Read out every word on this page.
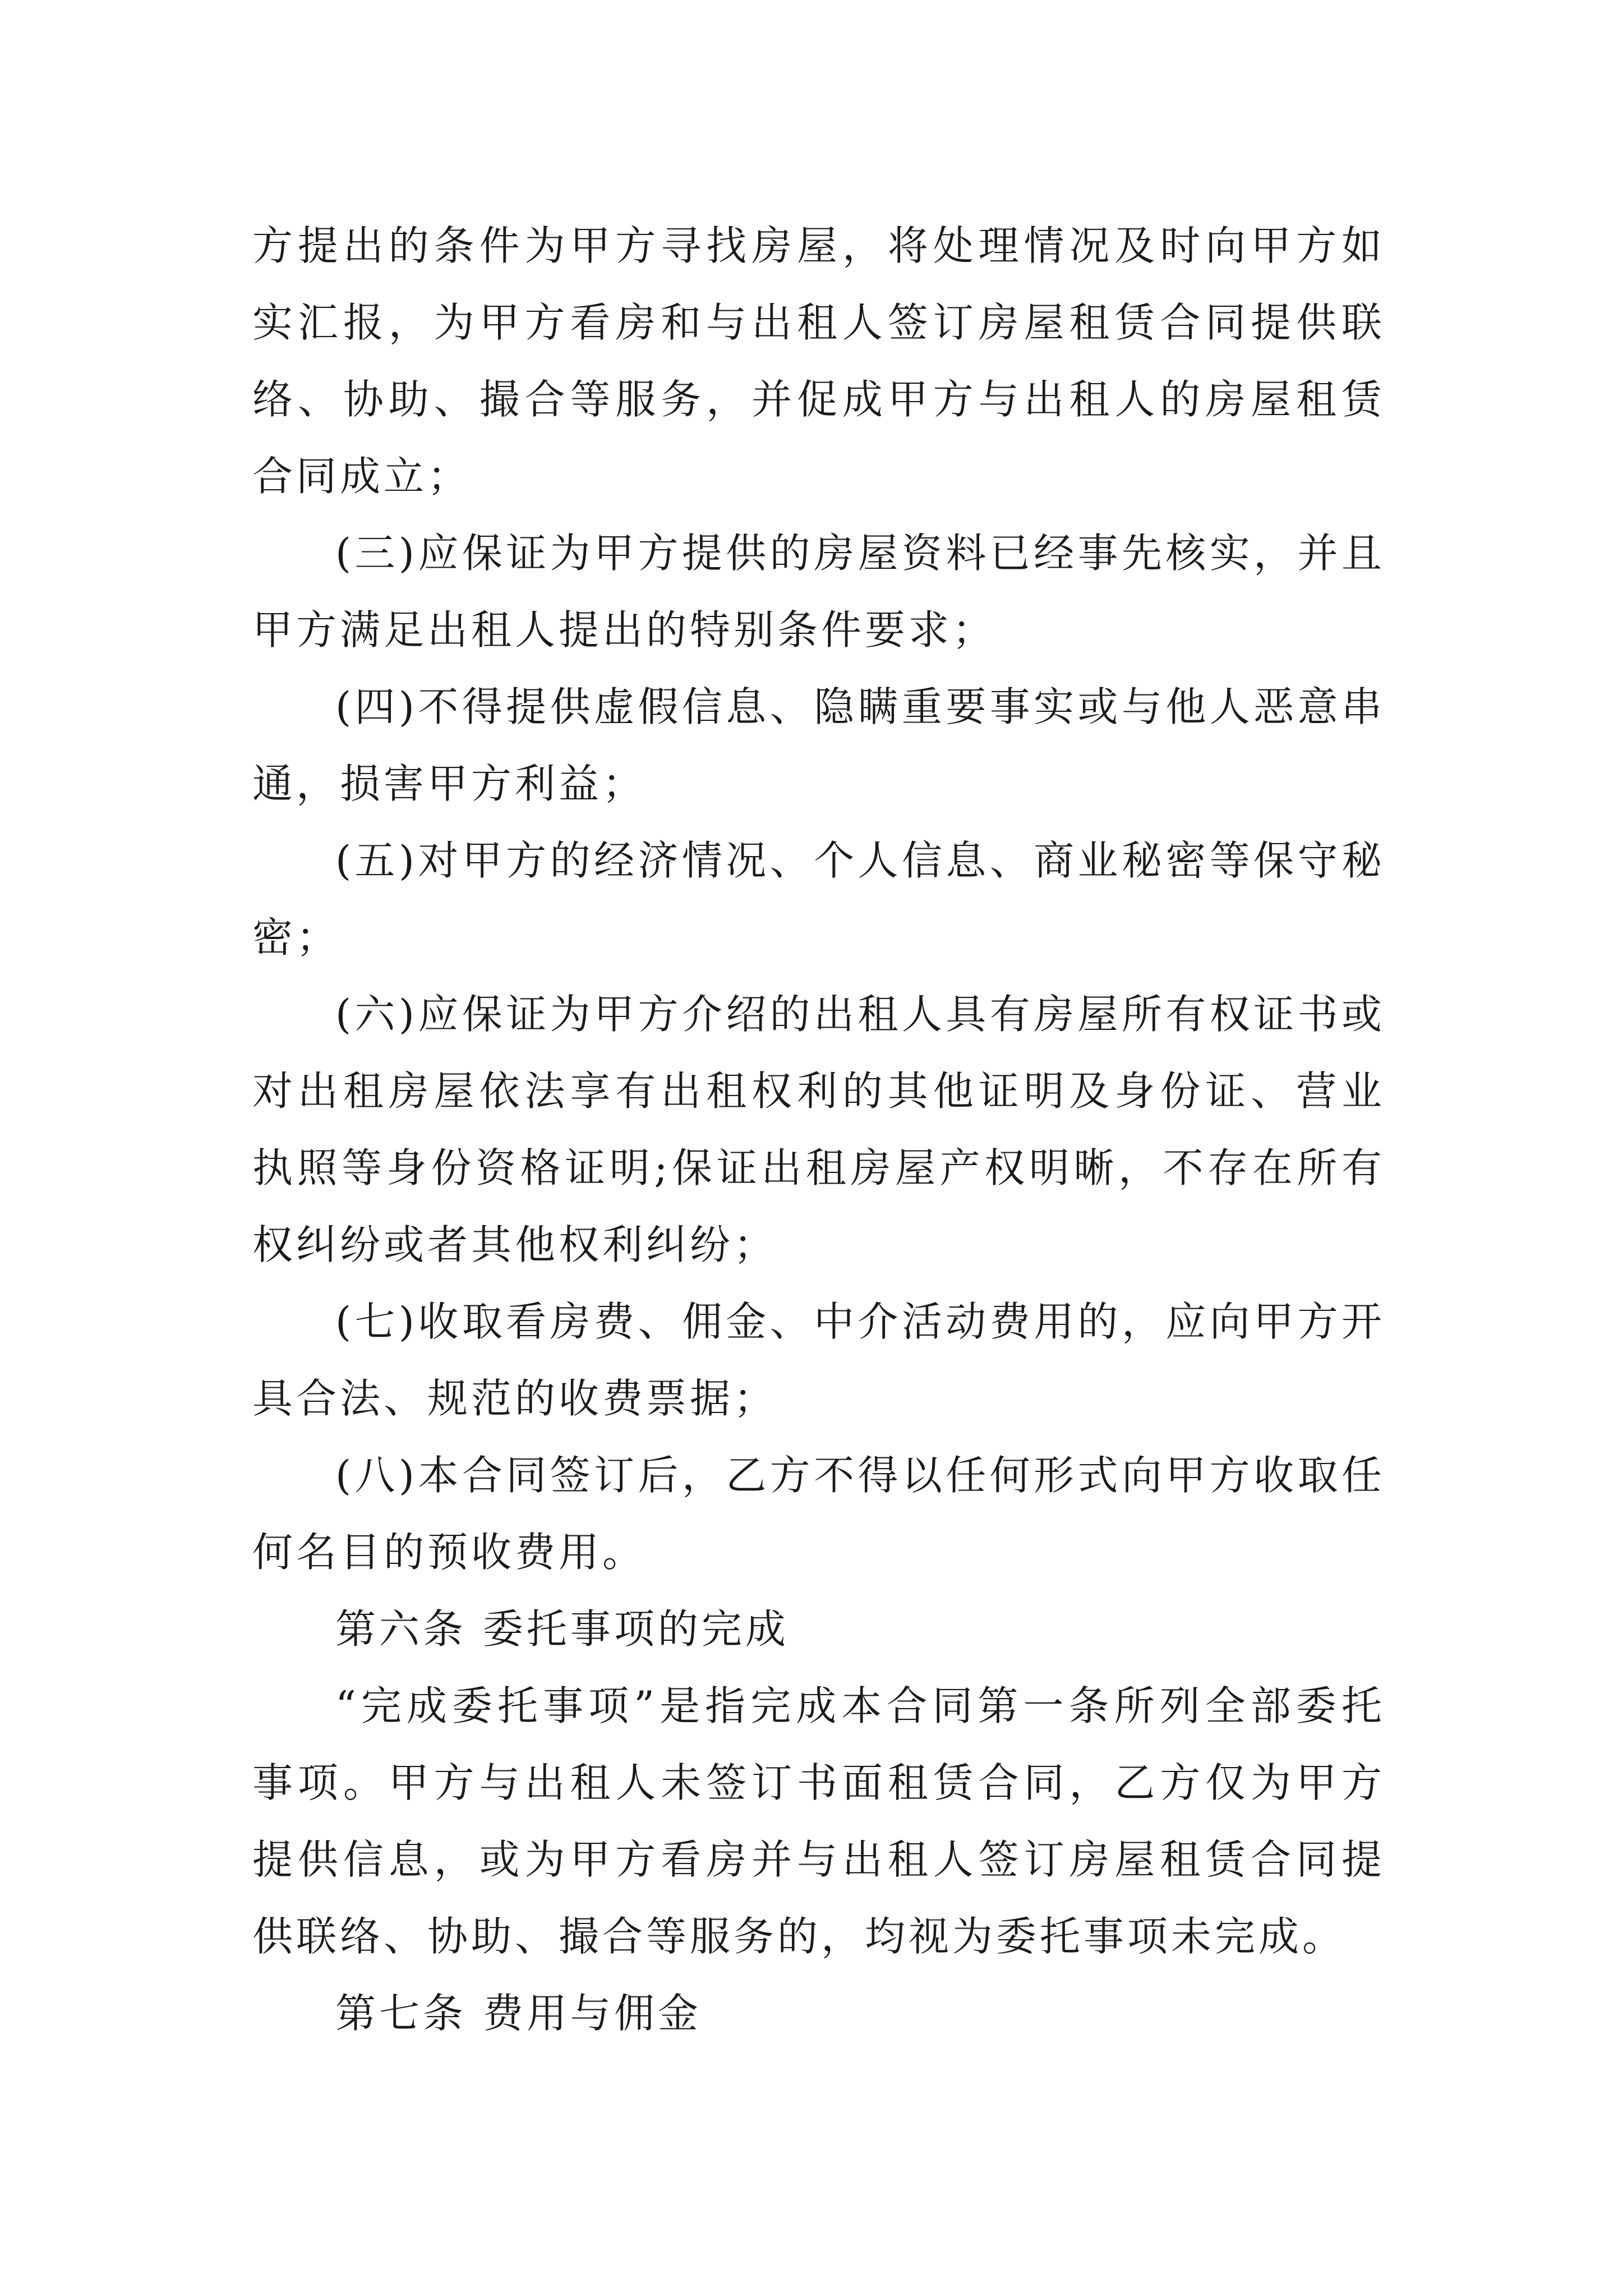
方提出的条件为甲方寻找房屋，将处理情况及时向甲方如实汇报，为甲方看房和与出租人签订房屋租赁合同提供联络、协助、撮合等服务，并促成甲方与出租人的房屋租赁合同成立；

(三)应保证为甲方提供的房屋资料已经事先核实，并且甲方满足出租人提出的特别条件要求；

(四)不得提供虚假信息、隐瞒重要事实或与他人恶意串通，损害甲方利益；

(五)对甲方的经济情况、个人信息、商业秘密等保守秘密；

(六)应保证为甲方介绍的出租人具有房屋所有权证书或对出租房屋依法享有出租权利的其他证明及身份证、营业执照等身份资格证明;保证出租房屋产权明晰，不存在所有权纠纷或者其他权利纠纷；

(七)收取看房费、佣金、中介活动费用的，应向甲方开具合法、规范的收费票据；

(八)本合同签订后，乙方不得以任何形式向甲方收取任何名目的预收费用。

第六条 委托事项的完成

“完成委托事项”是指完成本合同第一条所列全部委托事项。甲方与出租人未签订书面租赁合同，乙方仅为甲方提供信息，或为甲方看房并与出租人签订房屋租赁合同提供联络、协助、撮合等服务的，均视为委托事项未完成。

第七条 费用与佣金
